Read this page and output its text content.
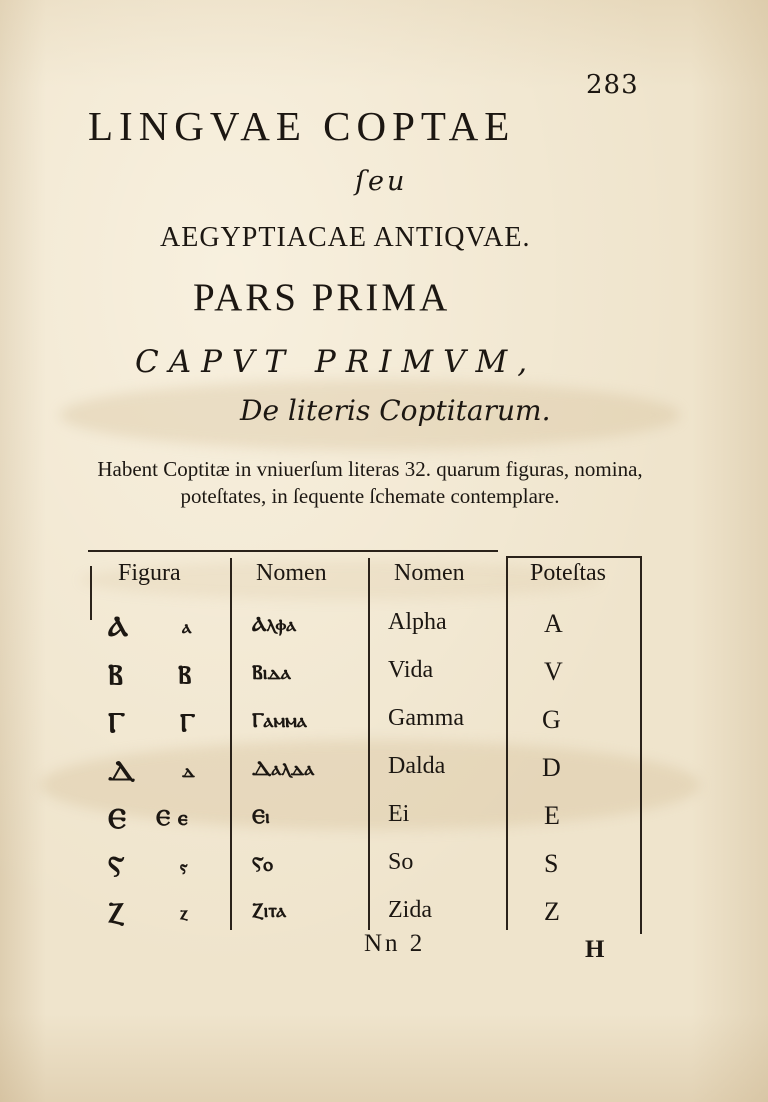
283
LINGVAE COPTAE
ſeu
AEGYPTIACAE ANTIQVAE .
PARS PRIMA
CAPVT PRIMVM,
De literis Coptitarum.
Habent Coptitæ in vniuerſum literas 32. quarum figuras, nomina, poteſtates, in ſequente ſchemate contemplare.
Figura	Nomen	Nomen	Poteſtas
Ⲁ	ⲁ	Ⲁⲗⲫⲁ	Alpha	A
Ⲃ Ⲃ	Ⲃⲓⲇⲁ	Vida	V
Ⲅ Ⲅ	Ⲅⲁⲙⲙⲁ	Gamma	G
Ⲇ ⲇ	Ⲇⲁⲗⲇⲁ	Dalda	D
Ⲉ Ⲉ ⲉ	Ⲉⲓ	Ei	E
Ⲋ	ⲋ	Ⲋⲟ	So	S
Ⲍ	ⲍ	Ⲍⲓⲧⲁ	Zida	Z
Nn 2	H
